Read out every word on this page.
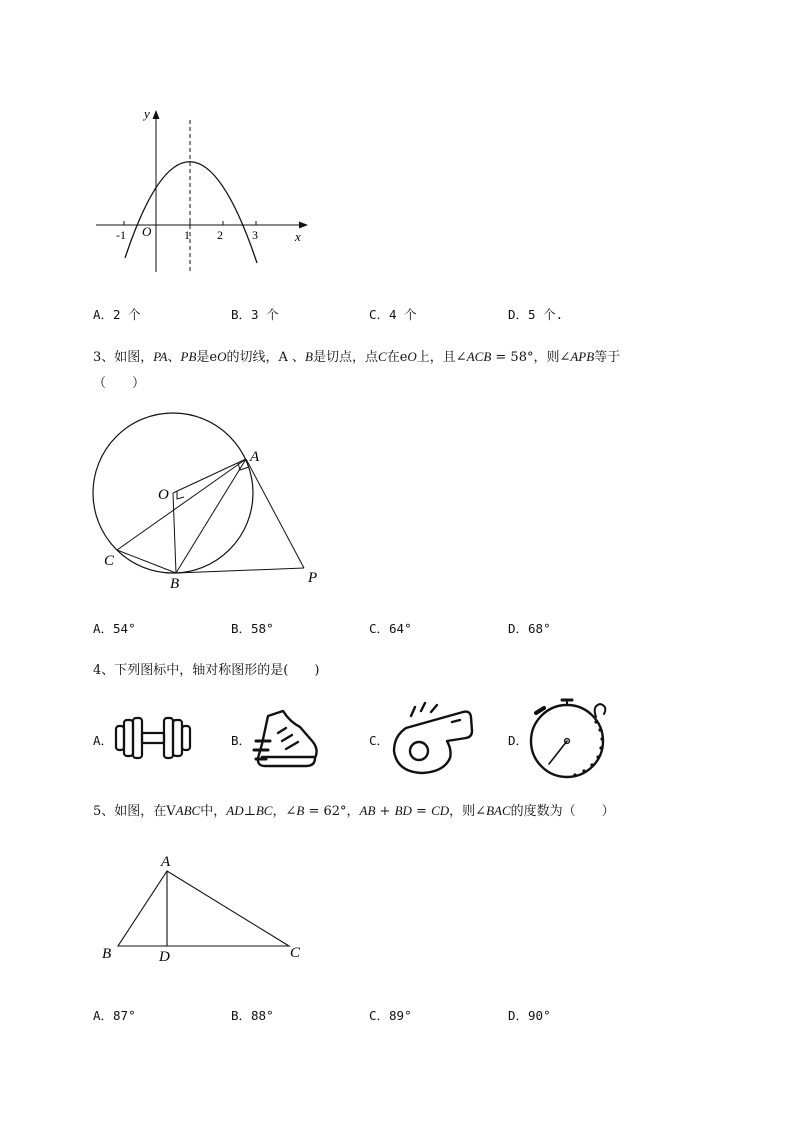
y
x
O
-1	1 2 3
A．2 个	B．3 个	C．4 个	D．5 个.
3、如图，PA、PB是eO的切线，A 、B是切点，点C在eO上，且∠ACB = 58°，则∠APB等于
（　　）
O
A
B
C
P
A．54°	B．58°	C．64°	D．68°
4、下列图标中，轴对称图形的是(　　)
A．	B．	C．	D．
5、如图，在VABC中，AD⊥BC，∠B = 62°，AB + BD = CD，则∠BAC的度数为（　　）
A
B	C
D
A．87°	B．88°	C．89°	D．90°
